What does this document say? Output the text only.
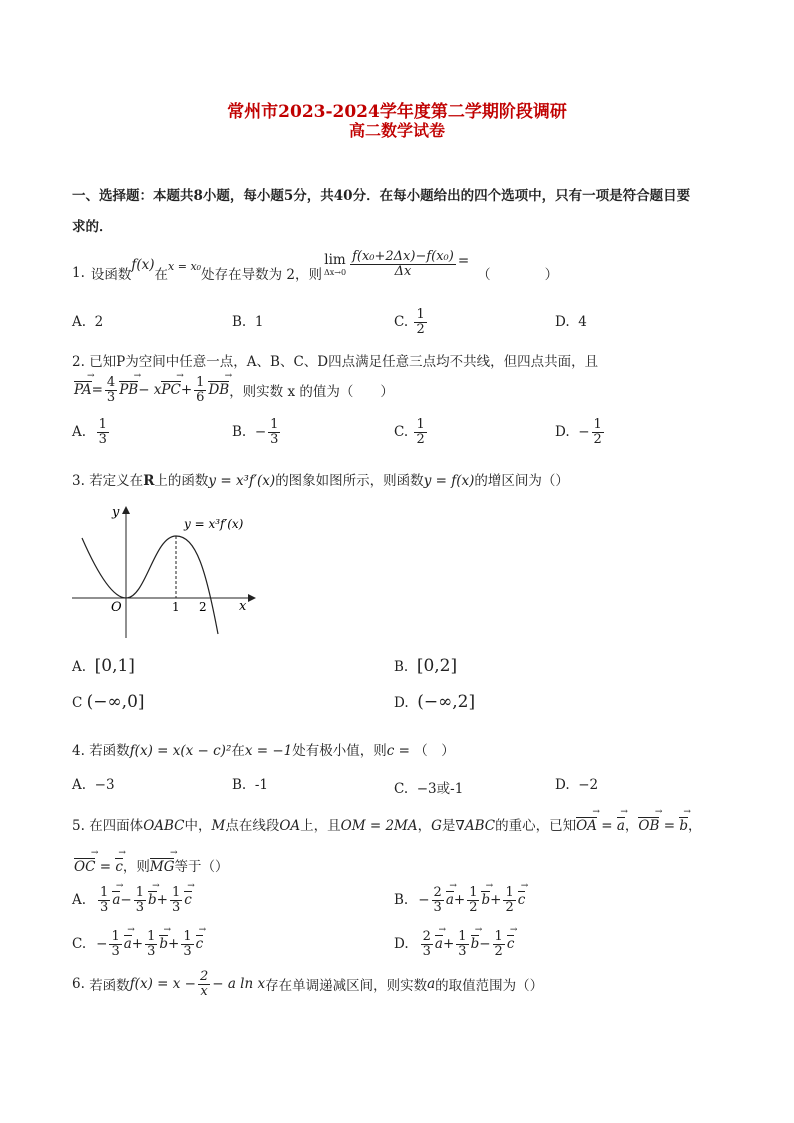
常州市2023-2024学年度第二学期阶段调研
高二数学试卷
一、选择题：本题共8小题，每小题5分，共40分．在每小题给出的四个选项中，只有一项是符合题目要
求的．
1. 设函数
f(x)
在 x = x₀ 处存在导数为 2，则
lim
$\Delta x\to 0 \frac{\text{f(x₀+2Δx)−f(x₀)}}{\Delta x}$ =
（　　　　）
A. 2	B. 1	C.
$\frac{1}{2}$	D. 4
2. 已知P为空间中任意一点，A、B、C、D四点满足任意三点均不共线，但四点共面，且
PA → = $\frac{4}{3}$ PB → − x PC → + $\frac{1}{6}$ DB → ，则实数 x 的值为（　　）
A.
$\frac{1}{3}$	B.
− $\frac{1}{3}$	C.
$\frac{1}{2}$	D.
− $\frac{1}{2}$
3. 若定义在R上的函数y = x³f′(x)的图象如图所示，则函数y = f(x)的增区间为（）
y
x
O	1 2
y = x³f′(x)
A. [0,1]	B. [0,2]
C (−∞,0]	D. (−∞,2]
4. 若函数f(x) = x(x − c)²在x = −1处有极小值，则c = （　）
A. −3	B. -1	C. −3或-1	D. −2
5. 在四面体OABC中，M点在线段OA上，且OM = 2MA，G是∇ABC的重心，已知OA → = a →，OB → = b →，
OC → = c →，则MG →等于（）
A. $\frac{1}{3}$ a → − $\frac{1}{3}$ b → + $\frac{1}{3}$ c →	B. − $\frac{2}{3}$ a → + $\frac{1}{2}$ b → + $\frac{1}{2}$ c →
C. − $\frac{1}{3}$ a → + $\frac{1}{3}$ b → + $\frac{1}{3}$ c →	D. $\frac{2}{3}$ a → + $\frac{1}{3}$ b → − $\frac{1}{2}$ c →
6.
若函数 $f(x) = x - \frac{2}{x} - a$ ln x 存在单调递减区间，则实数 a 的取值范围为（）
